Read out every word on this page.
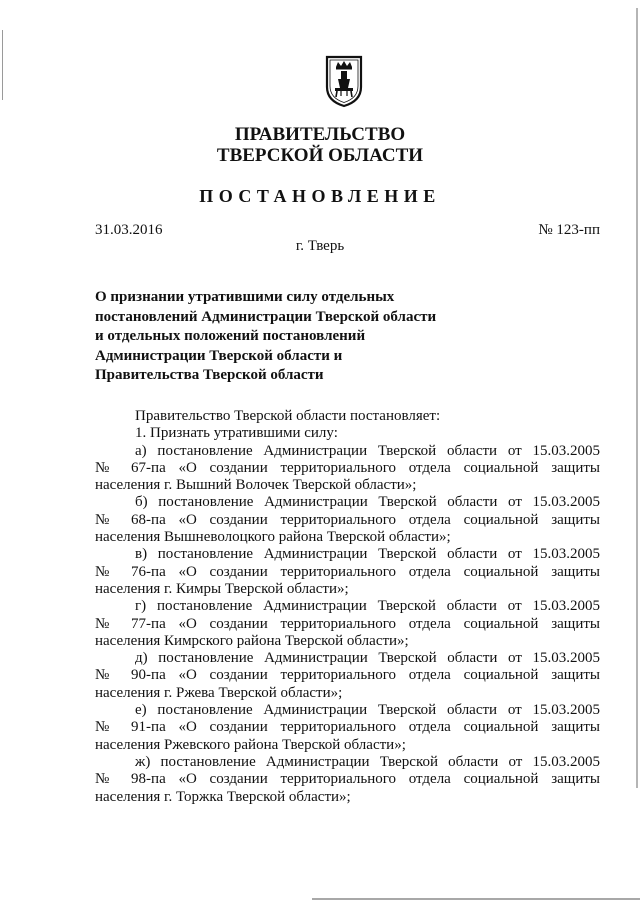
ПРАВИТЕЛЬСТВО
ТВЕРСКОЙ ОБЛАСТИ
ПОСТАНОВЛЕНИЕ
31.03.2016	№ 123-пп
г. Тверь
О признании утратившими силу отдельных
постановлений Администрации Тверской области
и отдельных положений постановлений
Администрации Тверской области и
Правительства Тверской области
Правительство Тверской области постановляет:
1. Признать утратившими силу:
а) постановление Администрации Тверской области от 15.03.2005
№ 67-па «О создании территориального отдела социальной защиты
населения г. Вышний Волочек Тверской области»;
б) постановление Администрации Тверской области от 15.03.2005
№ 68-па «О создании территориального отдела социальной защиты
населения Вышневолоцкого района Тверской области»;
в) постановление Администрации Тверской области от 15.03.2005
№ 76-па «О создании территориального отдела социальной защиты
населения г. Кимры Тверской области»;
г) постановление Администрации Тверской области от 15.03.2005
№ 77-па «О создании территориального отдела социальной защиты
населения Кимрского района Тверской области»;
д) постановление Администрации Тверской области от 15.03.2005
№ 90-па «О создании территориального отдела социальной защиты
населения г. Ржева Тверской области»;
е) постановление Администрации Тверской области от 15.03.2005
№ 91-па «О создании территориального отдела социальной защиты
населения Ржевского района Тверской области»;
ж) постановление Администрации Тверской области от 15.03.2005
№ 98-па «О создании территориального отдела социальной защиты
населения г. Торжка Тверской области»;
